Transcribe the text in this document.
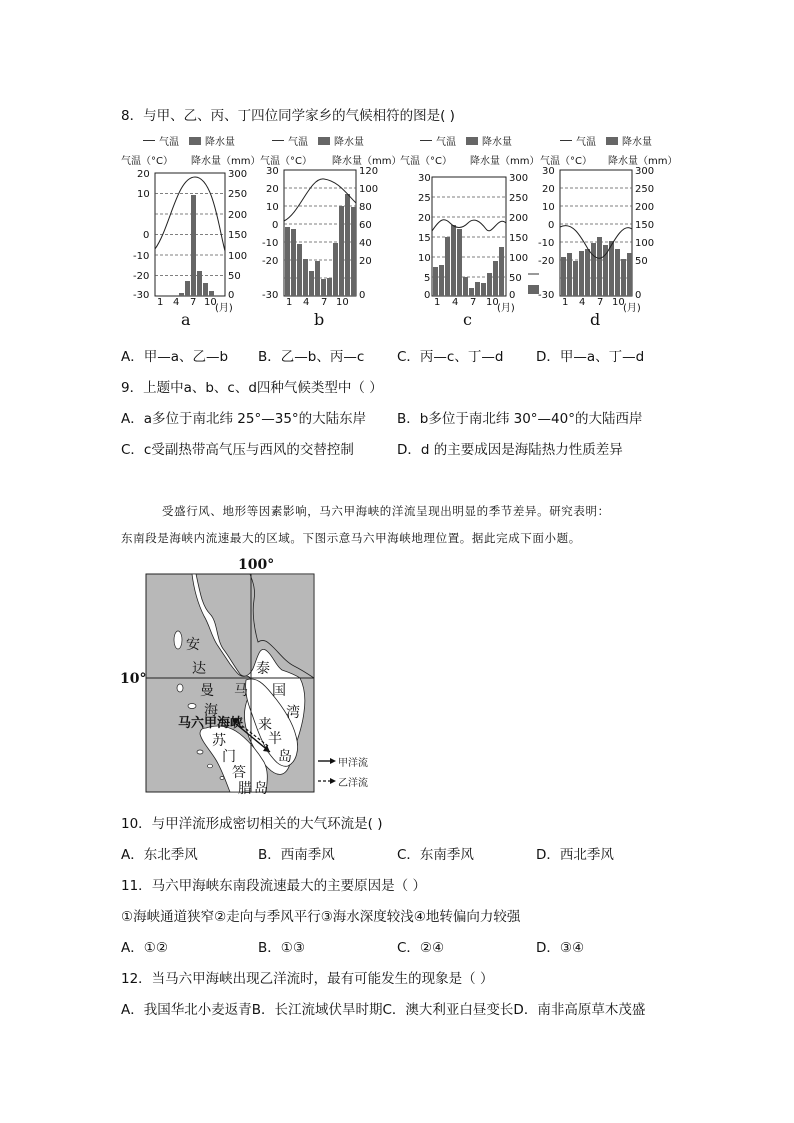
8．与甲、乙、丙、丁四位同学家乡的气候相符的图是( )
气温	降水量
气温（°C） 降水量（mm）
20
10
0
-10
-20
-30
300
250
200
150
100
50
0
1 4 7 10
(月)
a
气温	降水量
气温（°C） 降水量（mm）
30
20
10
0
-10
-20
-30
120
100
80
60
40
20
0
1 4 7 10
b
气温	降水量
气温（°C） 降水量（mm）
30
25
20
15
10
5
0
300
250
200
150
100
50
0
1 4 7 10
(月)
c
气温	降水量
气温（°C） 降水量（mm）
30
20
10
0
-10
-20
-30
300
250
200
150
100
50
0
1 4 7 10
(月)
d
A．甲—a、乙—b B．乙—b、丙—c C．丙—c、丁—d D．甲—a、丁—d
9．上题中a、b、c、d四种气候类型中（ ）
A．a多位于南北纬 25°—35°的大陆东岸 B．b多位于南北纬 30°—40°的大陆西岸
C．c受副热带高气压与西风的交替控制	D．d 的主要成因是海陆热力性质差异
受盛行风、地形等因素影响，马六甲海峡的洋流呈现出明显的季节差异。研究表明：
东南段是海峡内流速最大的区域。下图示意马六甲海峡地理位置。据此完成下面小题。
100°
10°
安
达
曼
海
泰
国
湾
马
来
半
岛
苏
门
答
腊 岛
马六甲海峡
甲洋流
乙洋流
10．与甲洋流形成密切相关的大气环流是( )
A．东北季风	B．西南季风	C．东南季风	D．西北季风
11．马六甲海峡东南段流速最大的主要原因是（ ）
①海峡通道狭窄②走向与季风平行③海水深度较浅④地转偏向力较强
A．①②	B．①③	C．②④	D．③④
12．当马六甲海峡出现乙洋流时，最有可能发生的现象是（ ）
A．我国华北小麦返青B．长江流域伏旱时期C．澳大利亚白昼变长D．南非高原草木茂盛
